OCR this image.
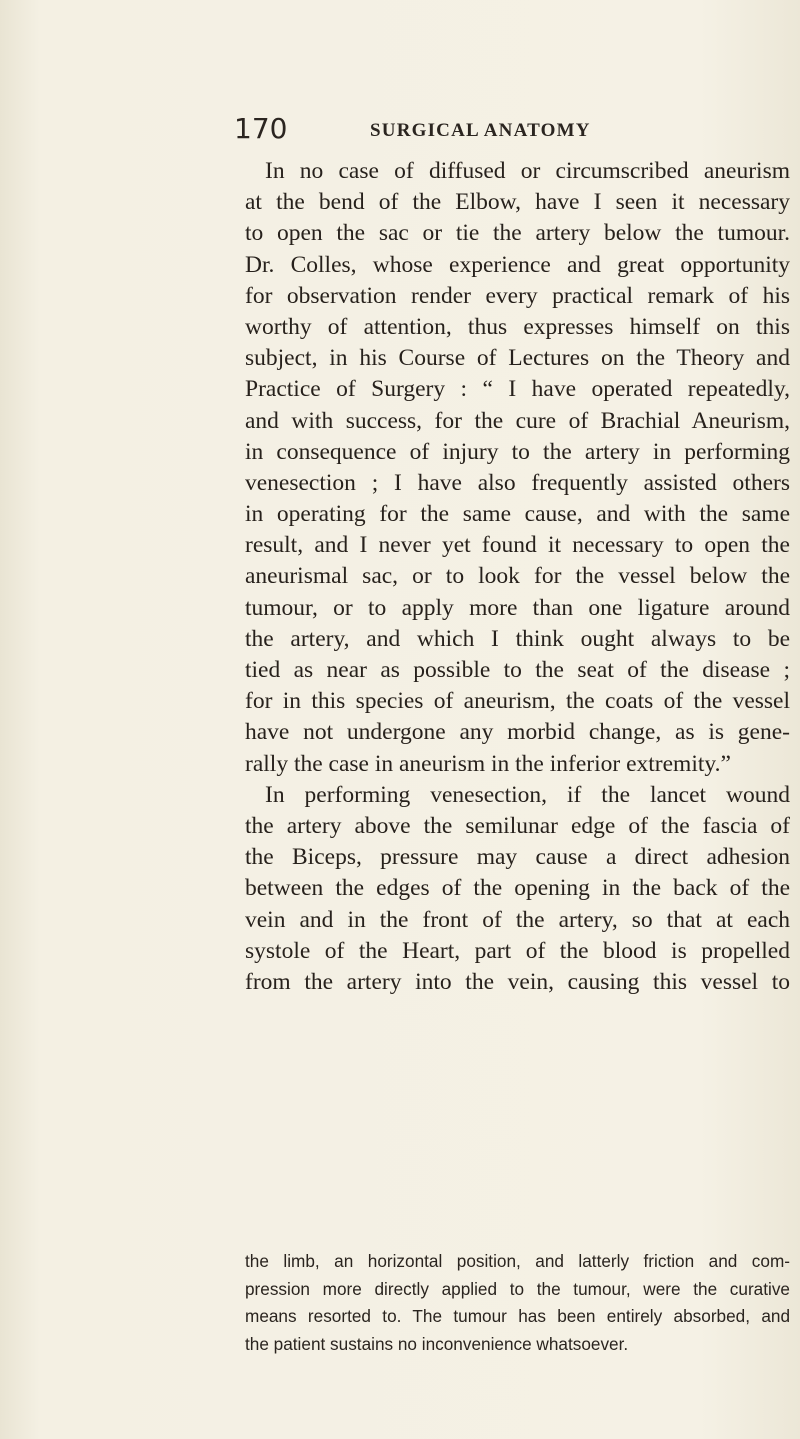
170	SURGICAL ANATOMY
In no case of diffused or circumscribed aneurism
at the bend of the Elbow, have I seen it necessary
to open the sac or tie the artery below the tumour.
Dr. Colles, whose experience and great opportunity
for observation render every practical remark of his
worthy of attention, thus expresses himself on this
subject, in his Course of Lectures on the Theory and
Practice of Surgery : “ I have operated repeatedly,
and with success, for the cure of Brachial Aneurism,
in consequence of injury to the artery in performing
venesection ; I have also frequently assisted others
in operating for the same cause, and with the same
result, and I never yet found it necessary to open the
aneurismal sac, or to look for the vessel below the
tumour, or to apply more than one ligature around
the artery, and which I think ought always to be
tied as near as possible to the seat of the disease ;
for in this species of aneurism, the coats of the vessel
have not undergone any morbid change, as is gene-
rally the case in aneurism in the inferior extremity.”
In performing venesection, if the lancet wound
the artery above the semilunar edge of the fascia of
the Biceps, pressure may cause a direct adhesion
between the edges of the opening in the back of the
vein and in the front of the artery, so that at each
systole of the Heart, part of the blood is propelled
from the artery into the vein, causing this vessel to
the limb, an horizontal position, and latterly friction and com-
pression more directly applied to the tumour, were the curative
means resorted to. The tumour has been entirely absorbed, and
the patient sustains no inconvenience whatsoever.
